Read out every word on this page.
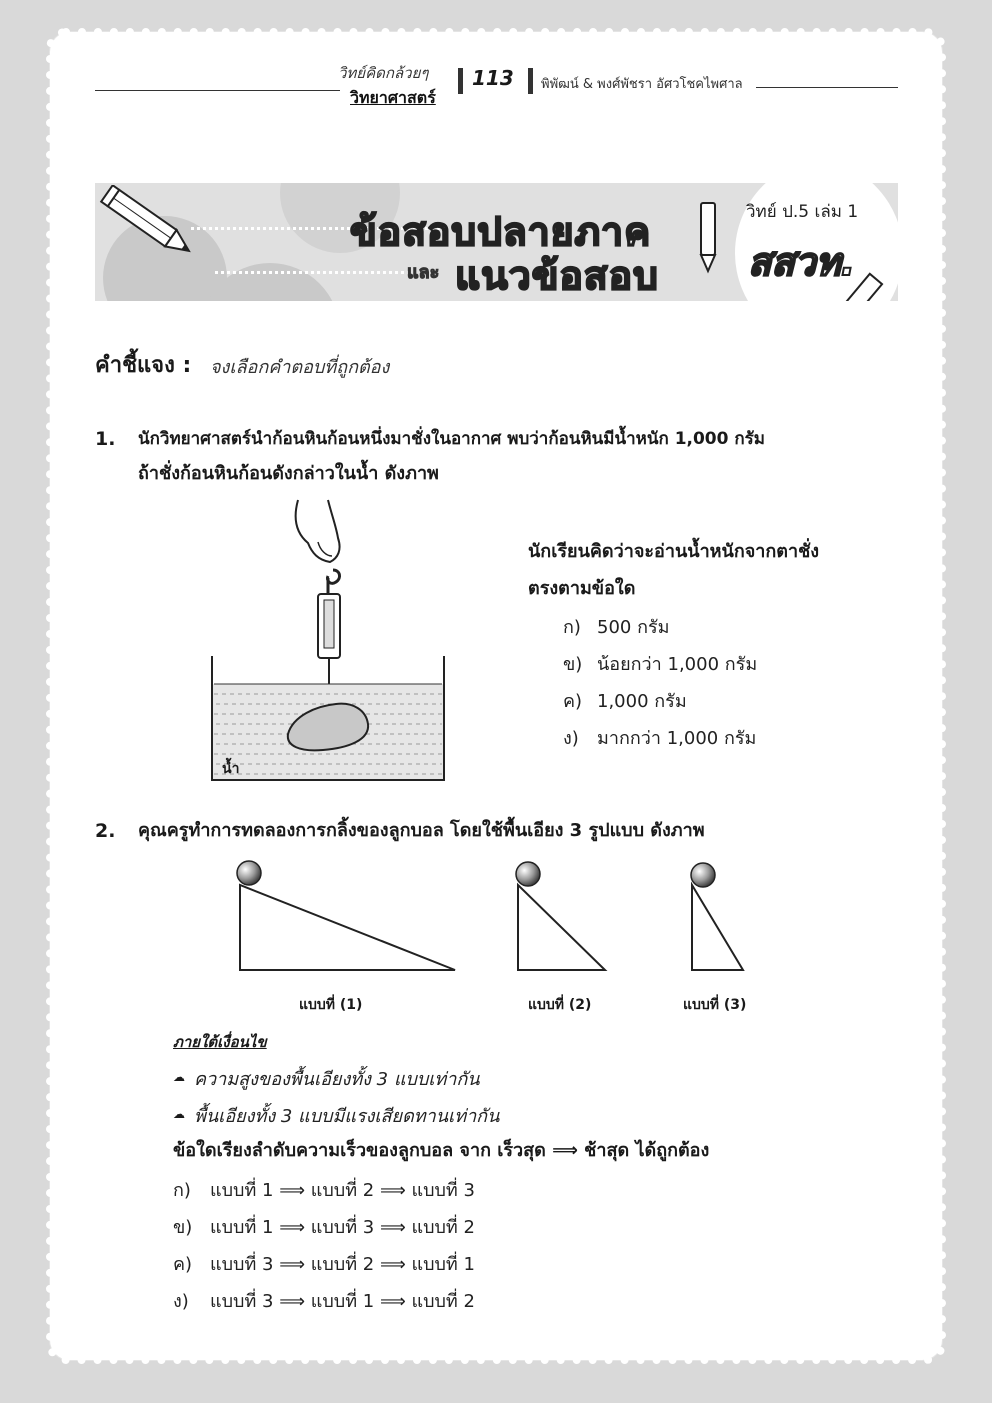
วิทย์คิดกล้วยๆ
วิทยาศาสตร์
113 พิพัฒน์ & พงศ์พัชรา อัศวโชคไพศาล
ข้อสอบปลายภาค
และ แนวข้อสอบ
วิทย์ ป.5 เล่ม 1
สสวท.
คำชี้แจง : จงเลือกคำตอบที่ถูกต้อง
1. นักวิทยาศาสตร์นำก้อนหินก้อนหนึ่งมาชั่งในอากาศ พบว่าก้อนหินมีน้ำหนัก 1,000 กรัม
ถ้าชั่งก้อนหินก้อนดังกล่าวในน้ำ ดังภาพ
น้ำ
นักเรียนคิดว่าจะอ่านน้ำหนักจากตาชั่ง
ตรงตามข้อใด
ก) 500 กรัม
ข) น้อยกว่า 1,000 กรัม
ค) 1,000 กรัม
ง) มากกว่า 1,000 กรัม
2. คุณครูทำการทดลองการกลิ้งของลูกบอล โดยใช้พื้นเอียง 3 รูปแบบ ดังภาพ
แบบที่ (1)	แบบที่ (2)	แบบที่ (3)
ภายใต้เงื่อนไข
☁ ความสูงของพื้นเอียงทั้ง 3 แบบเท่ากัน
☁ พื้นเอียงทั้ง 3 แบบมีแรงเสียดทานเท่ากัน
ข้อใดเรียงลำดับความเร็วของลูกบอล จาก เร็วสุด ⟹ ช้าสุด ได้ถูกต้อง
ก) แบบที่ 1 ⟹ แบบที่ 2 ⟹ แบบที่ 3
ข) แบบที่ 1 ⟹ แบบที่ 3 ⟹ แบบที่ 2
ค) แบบที่ 3 ⟹ แบบที่ 2 ⟹ แบบที่ 1
ง) แบบที่ 3 ⟹ แบบที่ 1 ⟹ แบบที่ 2
